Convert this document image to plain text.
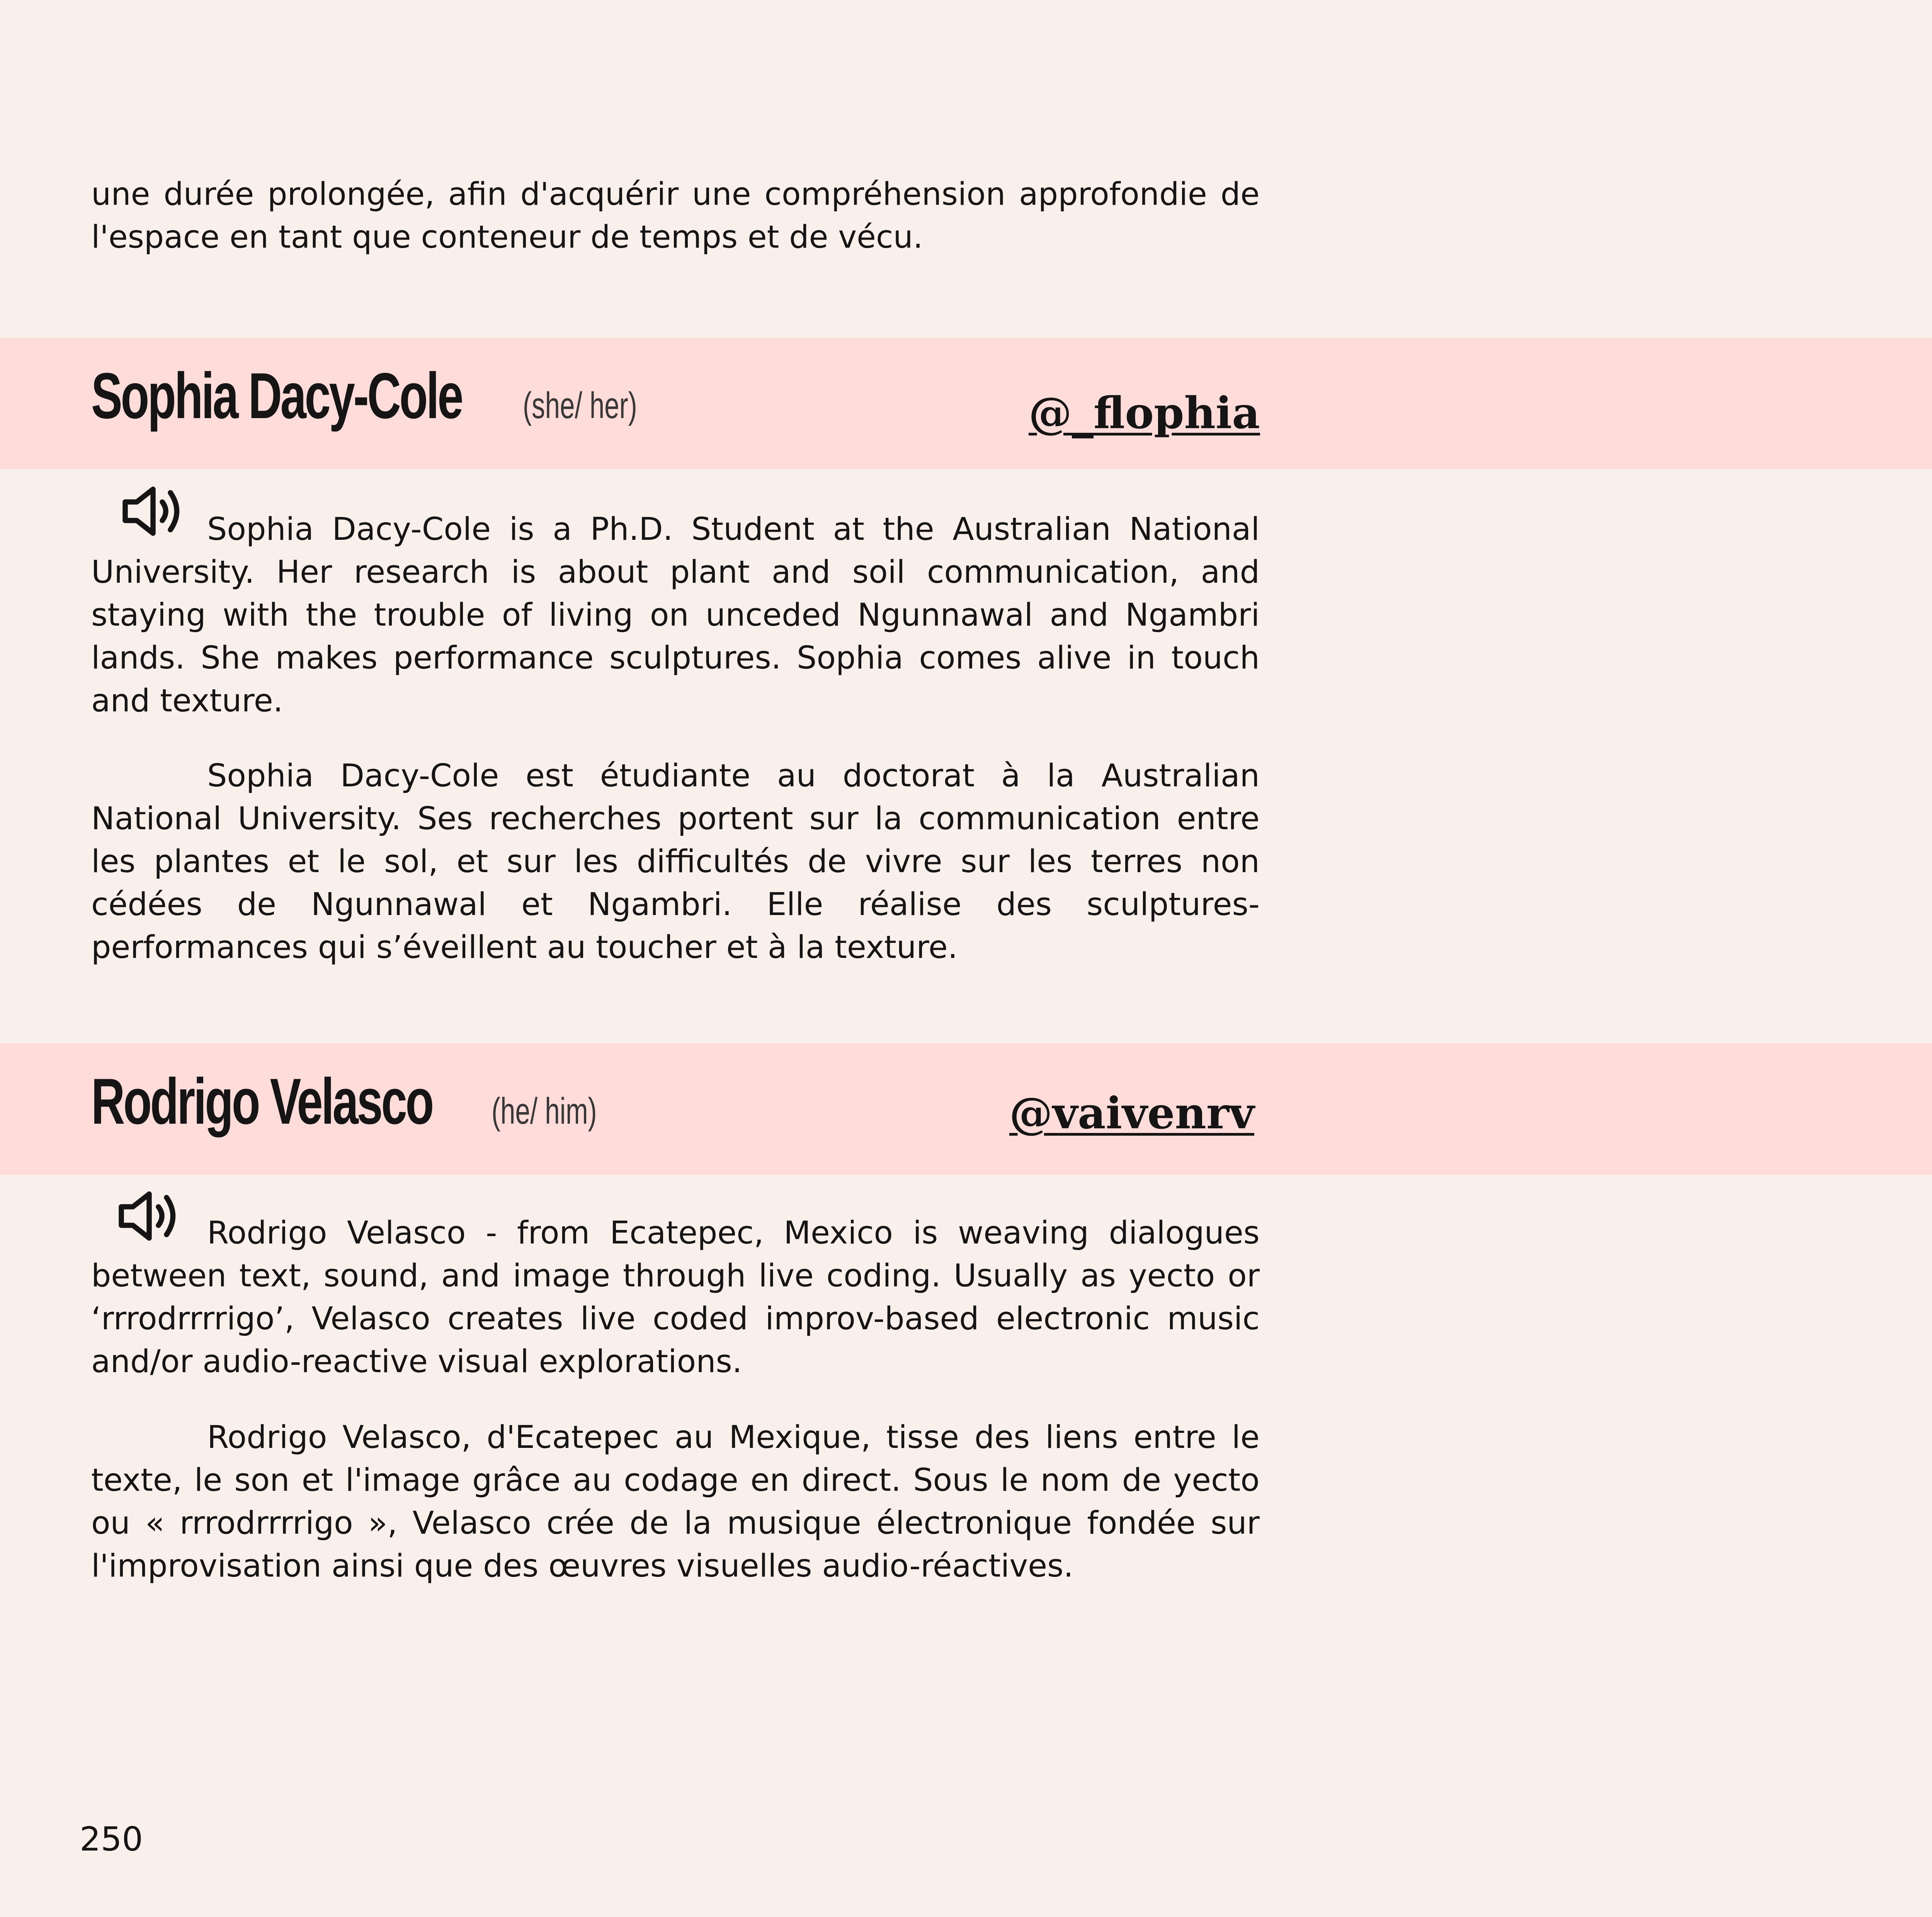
une durée prolongée, afin d'acquérir une compréhension approfondie de l'espace en tant que conteneur de temps et de vécu.

Sophia Dacy-Cole (she/ her)	@_flophia

Sophia Dacy-Cole is a Ph.D. Student at the Australian National University. Her research is about plant and soil communication, and staying with the trouble of living on unceded Ngunnawal and Ngambri lands. She makes performance sculptures. Sophia comes alive in touch and texture.

Sophia Dacy-Cole est étudiante au doctorat à la Australian National University. Ses recherches portent sur la communication entre les plantes et le sol, et sur les difficultés de vivre sur les terres non cédées de Ngunnawal et Ngambri. Elle réalise des sculptures-performances qui s’éveillent au toucher et à la texture.

Rodrigo Velasco (he/ him)	@vaivenrv

Rodrigo Velasco - from Ecatepec, Mexico is weaving dialogues between text, sound, and image through live coding. Usually as yecto or ‘rrrodrrrrigo’, Velasco creates live coded improv-based electronic music and/or audio-reactive visual explorations.

Rodrigo Velasco, d'Ecatepec au Mexique, tisse des liens entre le texte, le son et l'image grâce au codage en direct. Sous le nom de yecto ou « rrrodrrrrigo », Velasco crée de la musique électronique fondée sur l'improvisation ainsi que des œuvres visuelles audio-réactives.

250
